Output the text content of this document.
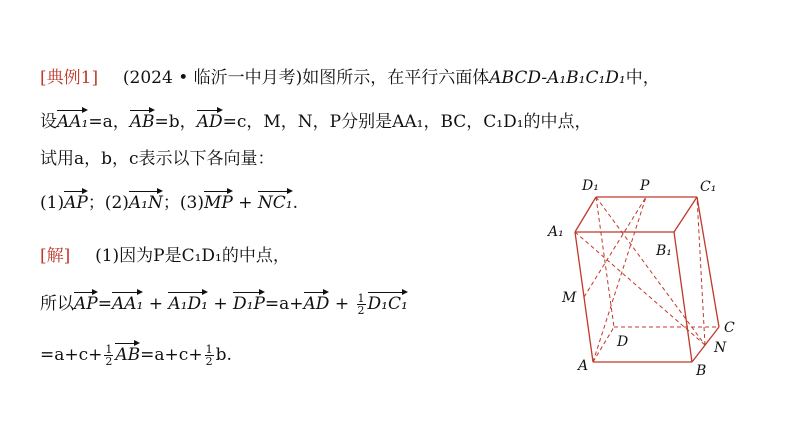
[典例1] (2024 • 临沂一中月考)如图所示，在平行六面体ABCD-A₁B₁C₁D₁中，
设AA₁=a，AB=b，AD=c，M，N，P分别是AA₁，BC，C₁D₁的中点，
试用a，b，c表示以下各向量：
(1)AP；(2)A₁N；(3)MP + NC₁.
[解] (1)因为P是C₁D₁的中点，
所以$AP=AA_1 + A_1D_1 + D_1P=a+AD + \frac{1}{2} D_1C_1$
$=a+c+ \frac{1}{2} AB=a+c+ \frac{1}{2} b$.
D₁	P	C₁
A₁
B₁
M
D
C
N
A	B
